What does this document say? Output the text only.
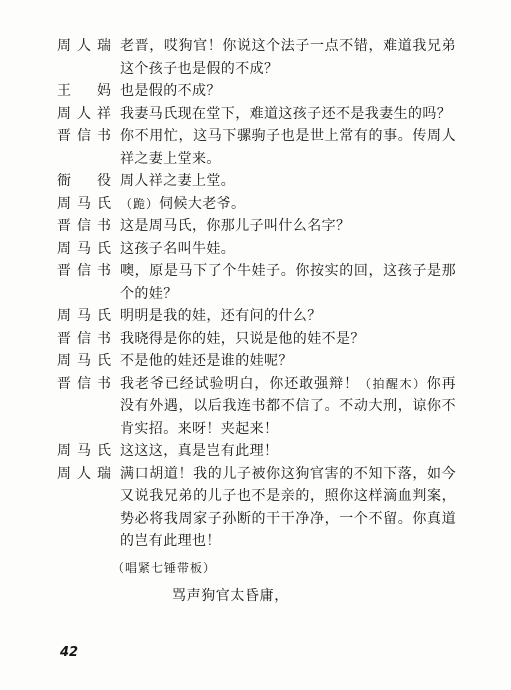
周人瑞 老晋，哎狗官！你说这个法子一点不错，难道我兄弟这个孩子也是假的不成？
王　妈 也是假的不成？
周人祥 我妻马氏现在堂下，难道这孩子还不是我妻生的吗？
晋信书 你不用忙，这马下骡驹子也是世上常有的事。传周人祥之妻上堂来。
衙　役 周人祥之妻上堂。
周马氏 （跪）伺候大老爷。
晋信书 这是周马氏，你那儿子叫什么名字？
周马氏 这孩子名叫牛娃。
晋信书 噢，原是马下了个牛娃子。你按实的回，这孩子是那个的娃？
周马氏 明明是我的娃，还有问的什么？
晋信书 我晓得是你的娃，只说是他的娃不是？
周马氏 不是他的娃还是谁的娃呢？
晋信书 我老爷已经试验明白，你还敢强辩！（拍醒木）你再没有外遇，以后我连书都不信了。不动大刑，谅你不肯实招。来呀！夹起来！
周马氏 这这这，真是岂有此理！
周人瑞 满口胡道！我的儿子被你这狗官害的不知下落，如今又说我兄弟的儿子也不是亲的，照你这样滴血判案，势必将我周家子孙断的干干净净，一个不留。你真道的岂有此理也！
（唱紧七锤带板）
骂声狗官太昏庸，
42
